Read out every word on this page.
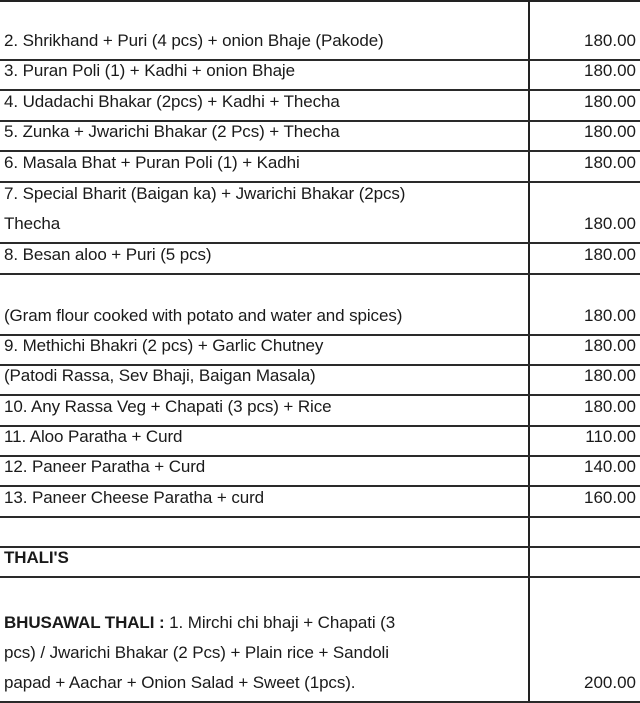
2. Shrikhand + Puri (4 pcs) + onion Bhaje (Pakode)	180.00
3. Puran Poli (1) + Kadhi + onion Bhaje	180.00
4. Udadachi Bhakar (2pcs) + Kadhi + Thecha	180.00
5. Zunka + Jwarichi Bhakar (2 Pcs) + Thecha	180.00
6. Masala Bhat + Puran Poli (1) + Kadhi	180.00
7. Special Bharit (Baigan ka) + Jwarichi Bhakar (2pcs)
Thecha	180.00
8. Besan aloo + Puri (5 pcs)	180.00
(Gram flour cooked with potato and water and spices)	180.00
9. Methichi Bhakri (2 pcs) + Garlic Chutney	180.00
(Patodi Rassa, Sev Bhaji, Baigan Masala)	180.00
10. Any Rassa Veg + Chapati (3 pcs) + Rice	180.00
11. Aloo Paratha + Curd	110.00
12. Paneer Paratha + Curd	140.00
13. Paneer Cheese Paratha + curd	160.00
THALI'S
BHUSAWAL THALI : 1. Mirchi chi bhaji + Chapati (3
pcs) / Jwarichi Bhakar (2 Pcs) + Plain rice + Sandoli
papad + Aachar + Onion Salad + Sweet (1pcs).	200.00
